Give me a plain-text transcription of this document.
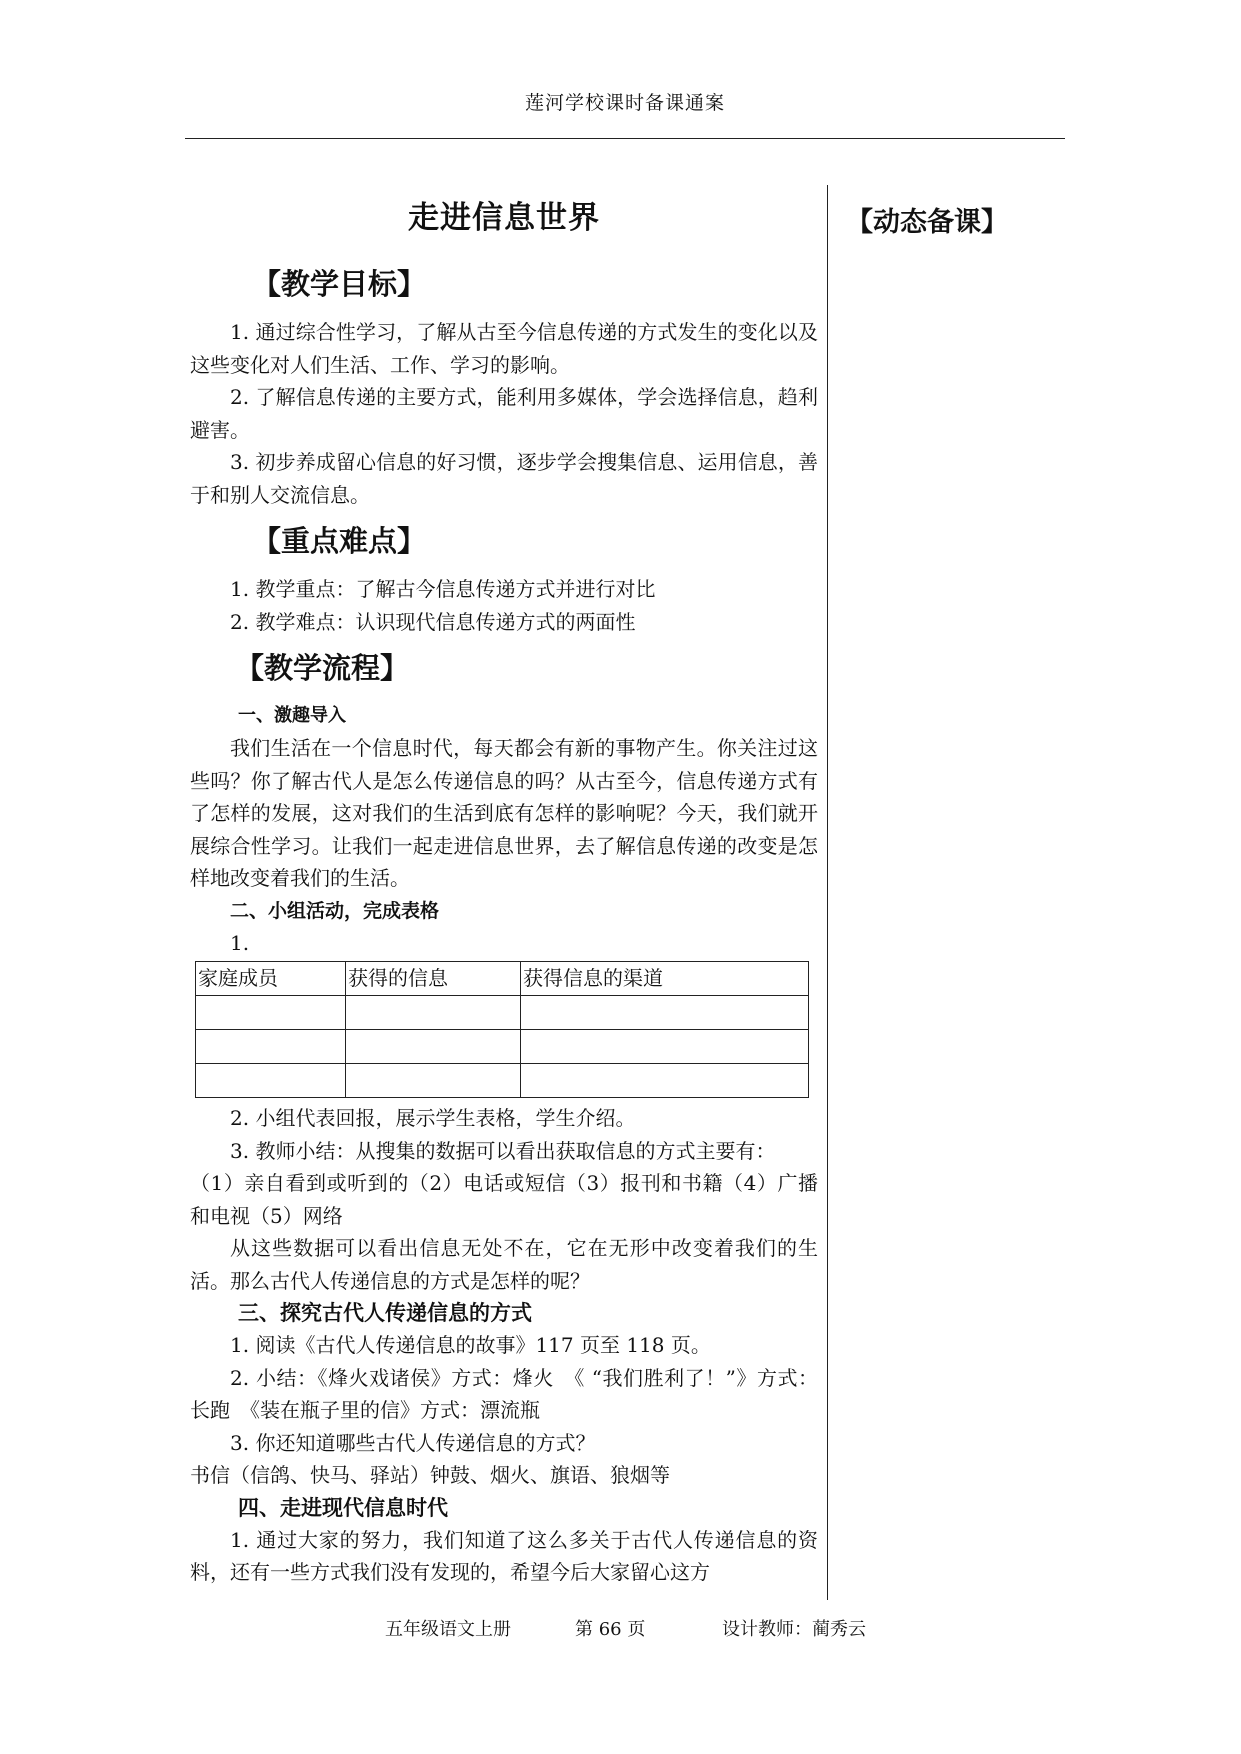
莲河学校课时备课通案
【动态备课】
走进信息世界
【教学目标】

1. 通过综合性学习，了解从古至今信息传递的方式发生的变化以及这些变化对人们生活、工作、学习的影响。

2. 了解信息传递的主要方式，能利用多媒体，学会选择信息，趋利避害。

3. 初步养成留心信息的好习惯，逐步学会搜集信息、运用信息，善于和别人交流信息。

【重点难点】

1. 教学重点：了解古今信息传递方式并进行对比

2. 教学难点：认识现代信息传递方式的两面性

【教学流程】
一、激趣导入

我们生活在一个信息时代，每天都会有新的事物产生。你关注过这些吗？你了解古代人是怎么传递信息的吗？从古至今，信息传递方式有了怎样的发展，这对我们的生活到底有怎样的影响呢？今天，我们就开展综合性学习。让我们一起走进信息世界，去了解信息传递的改变是怎样地改变着我们的生活。

二、小组活动，完成表格

1.

家庭成员	获得的信息	获得信息的渠道

2. 小组代表回报，展示学生表格，学生介绍。

3. 教师小结：从搜集的数据可以看出获取信息的方式主要有：

（1）亲自看到或听到的（2）电话或短信（3）报刊和书籍（4）广播和电视（5）网络

从这些数据可以看出信息无处不在，它在无形中改变着我们的生活。那么古代人传递信息的方式是怎样的呢？

三、探究古代人传递信息的方式

1. 阅读《古代人传递信息的故事》117 页至 118 页。

2. 小结：《烽火戏诸侯》方式：烽火　《 “我们胜利了！”》方式：长跑　《装在瓶子里的信》方式：漂流瓶

3. 你还知道哪些古代人传递信息的方式？

书信（信鸽、快马、驿站）钟鼓、烟火、旗语、狼烟等

四、走进现代信息时代

1. 通过大家的努力，我们知道了这么多关于古代人传递信息的资料，还有一些方式我们没有发现的，希望今后大家留心这方

五年级语文上册	第 66 页	设计教师：蔺秀云
